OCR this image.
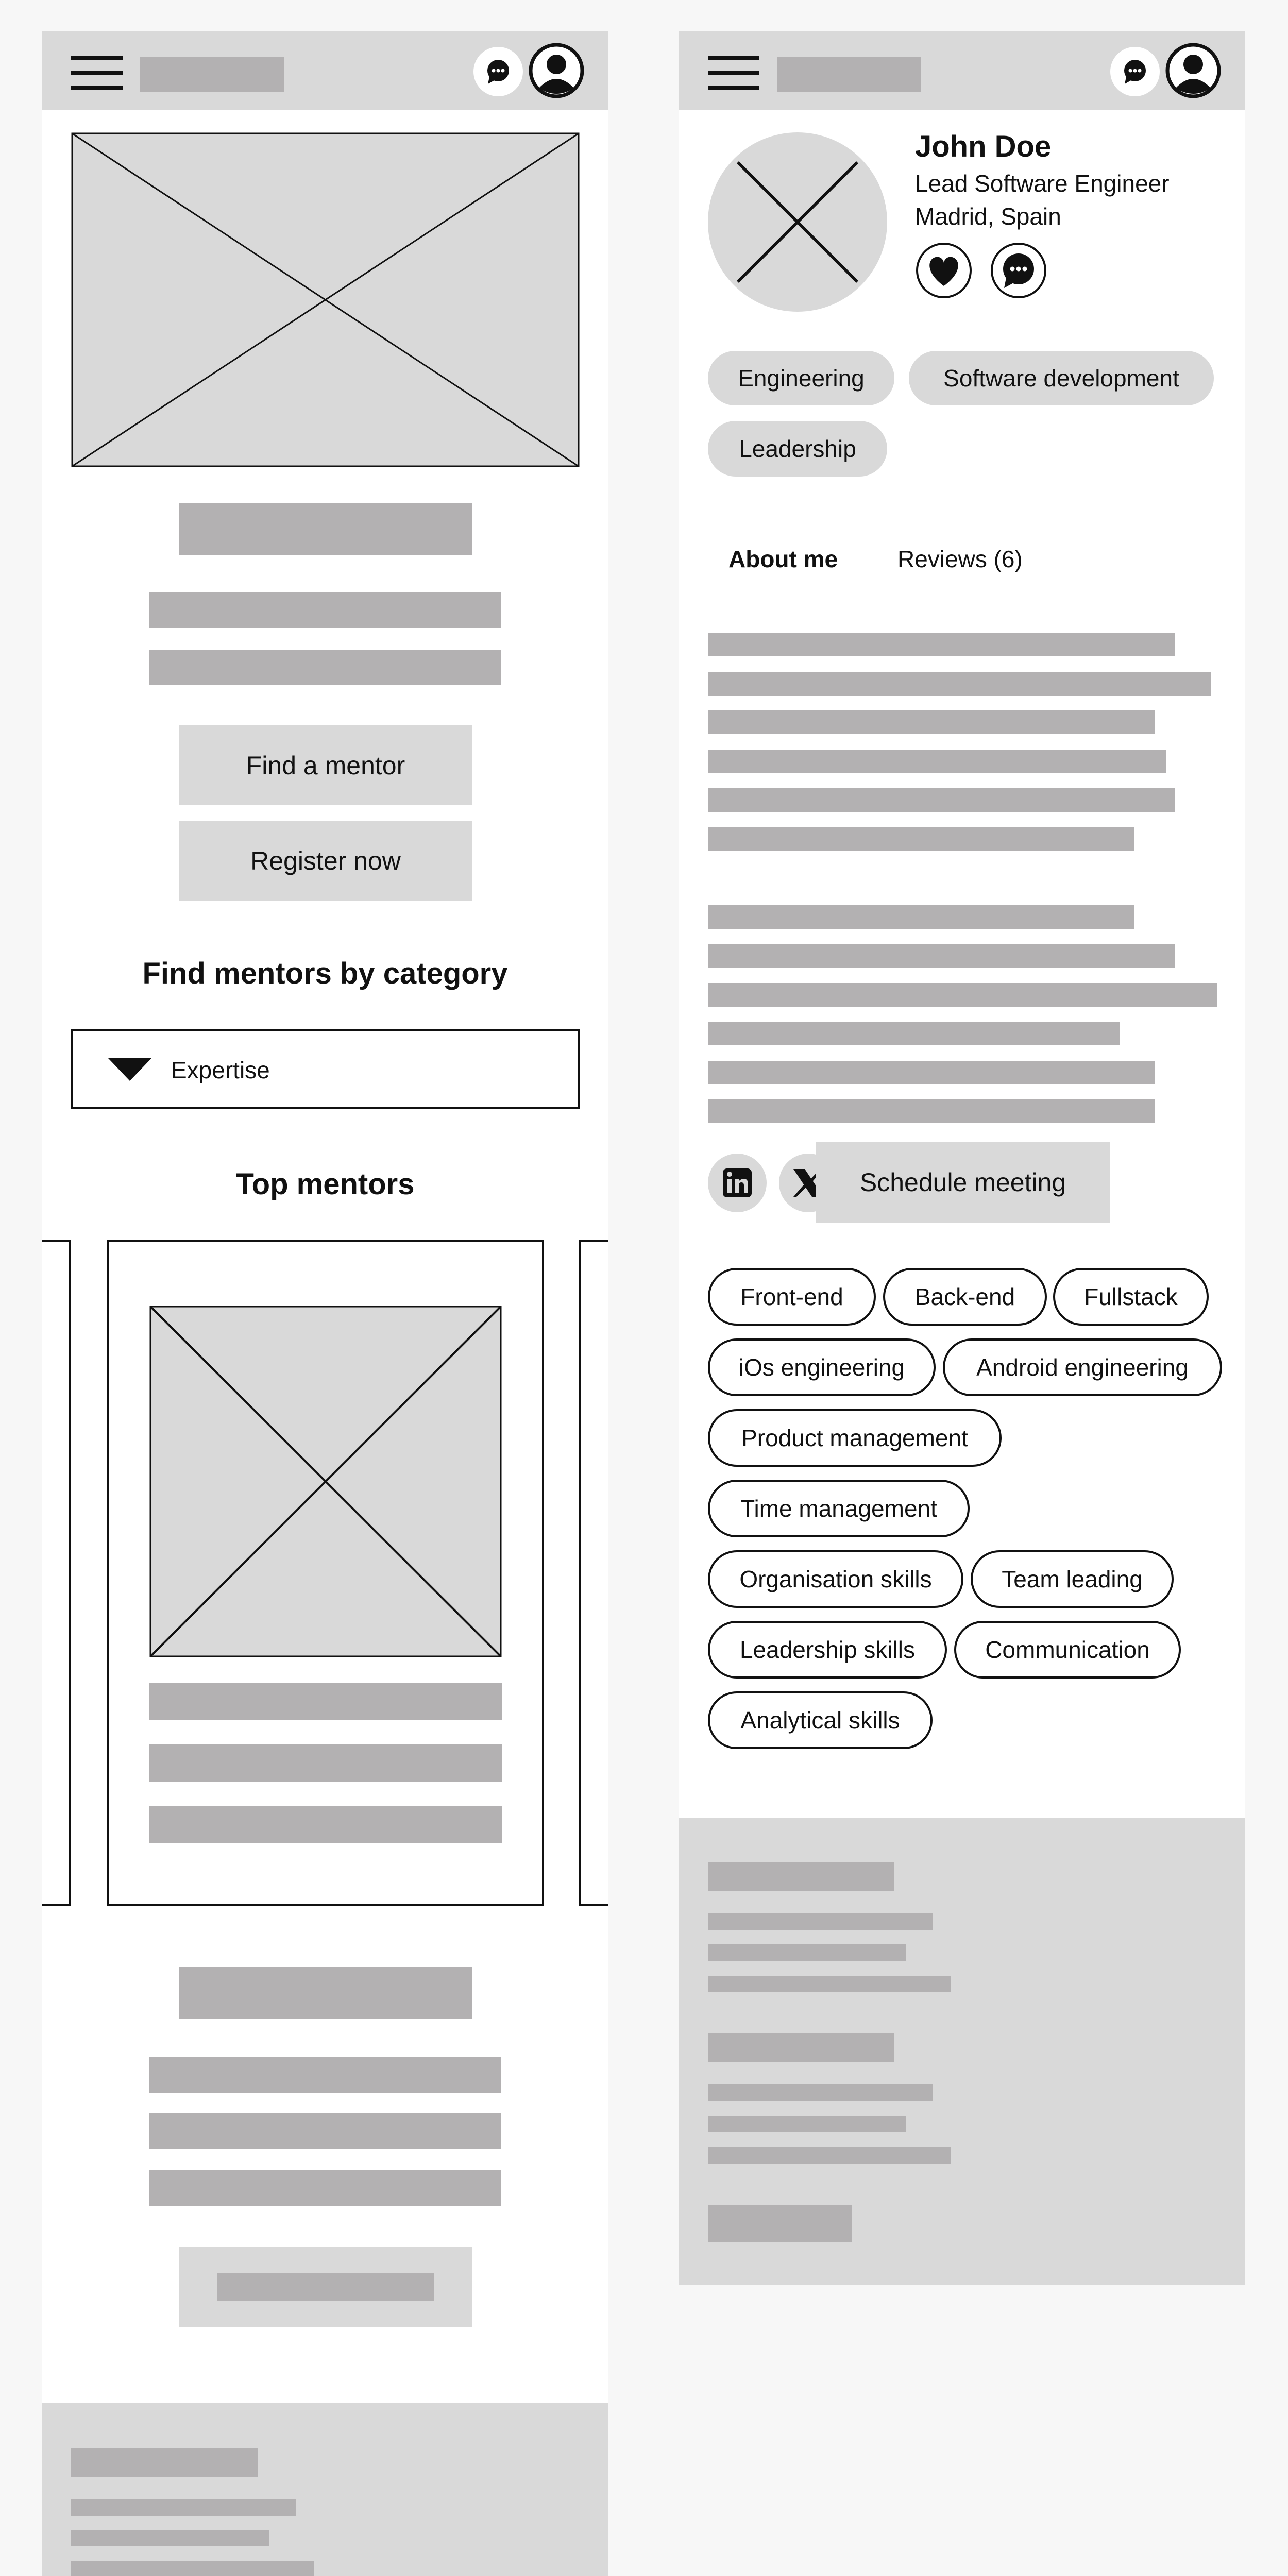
Find a mentor
Register now
Find mentors by category
Expertise
Top mentors
John Doe
Lead Software Engineer
Madrid, Spain
Engineering	Software development
Leadership
About me	Reviews (6)
Schedule meeting
Front-end	Back-end	Fullstack
iOs engineering	Android engineering
Product management
Time management
Organisation skills	Team leading
Leadership skills	Communication
Analytical skills
